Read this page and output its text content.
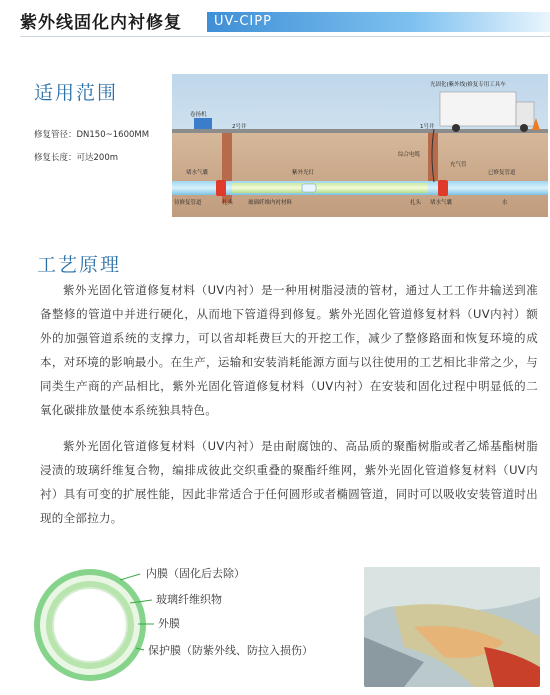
紫外线固化内衬修复 UV-CIPP
适用范围
修复管径：DN150~1600MM
修复长度：可达200m
卷扬机
2号井	1号井
光固化(紫外线)修复专用工具车
堵水气囊	紫外光灯
综合电缆
充气管
已修复管道
待修复管道	扎头	玻璃纤维内衬材料	扎头 堵水气囊	水
工艺原理

紫外光固化管道修复材料（UV内衬）是一种用树脂浸渍的管材，通过人工工作井输送到准备整修的管道中并进行硬化，从而地下管道得到修复。紫外光固化管道修复材料（UV内衬）额外的加强管道系统的支撑力，可以省却耗费巨大的开挖工作，减少了整修路面和恢复环境的成本，对环境的影响最小。在生产，运输和安装消耗能源方面与以往使用的工艺相比非常之少，与同类生产商的产品相比，紫外光固化管道修复材料（UV内衬）在安装和固化过程中明显低的二氧化碳排放量使本系统独具特色。

紫外光固化管道修复材料（UV内衬）是由耐腐蚀的、高品质的聚酯树脂或者乙烯基酯树脂浸渍的玻璃纤维复合物，编排成彼此交织重叠的聚酯纤维网，紫外光固化管道修复材料（UV内衬）具有可变的扩展性能，因此非常适合于任何圆形或者椭圆管道，同时可以吸收安装管道时出现的全部拉力。

内膜（固化后去除）
玻璃纤维织物
外膜
保护膜（防紫外线、防拉入损伤）
